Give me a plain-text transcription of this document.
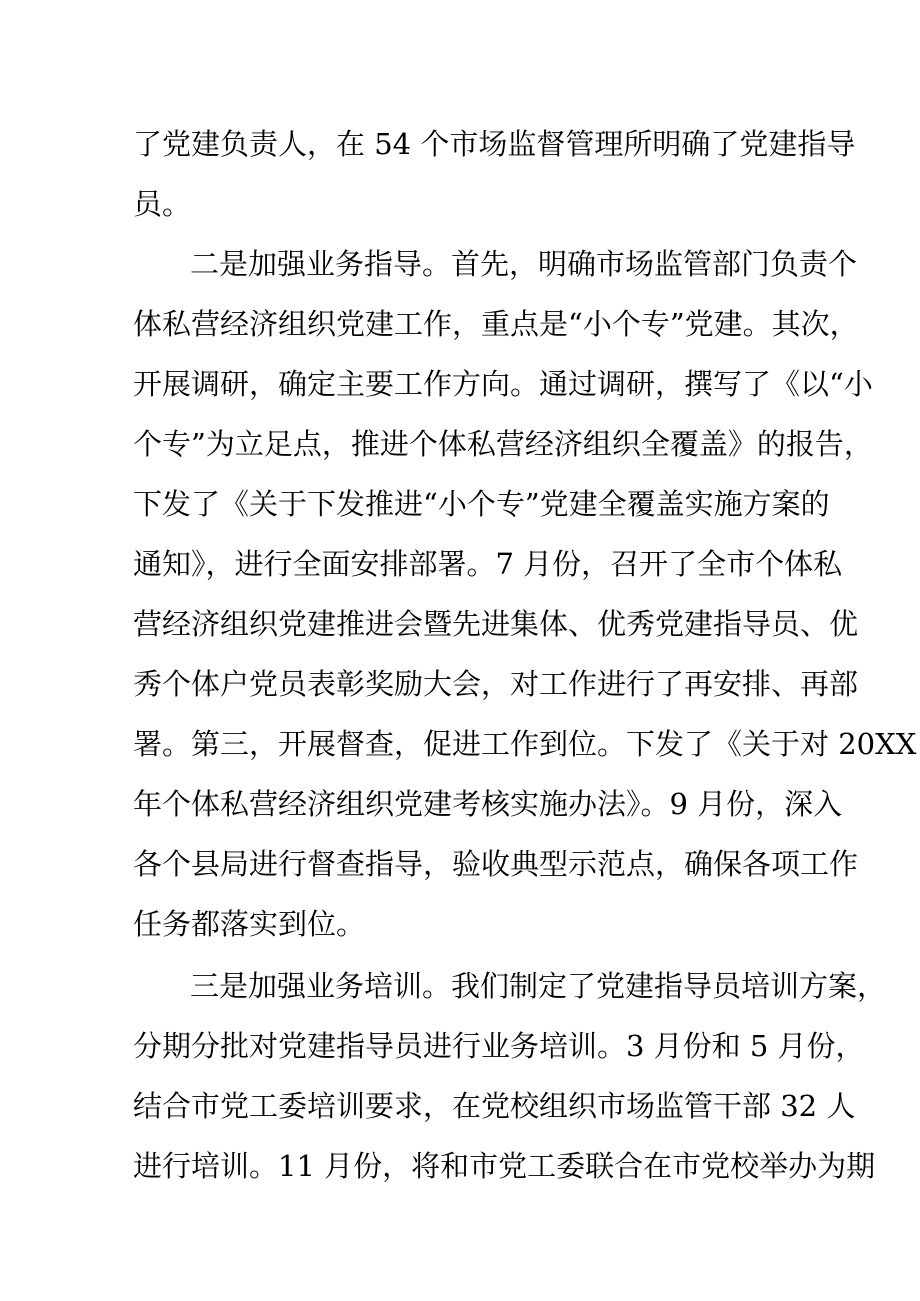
了党建负责人，在 54 个市场监督管理所明确了党建指导
员。
二是加强业务指导。首先，明确市场监管部门负责个
体私营经济组织党建工作，重点是“小个专”党建。其次，
开展调研，确定主要工作方向。通过调研，撰写了《以“小
个专”为立足点，推进个体私营经济组织全覆盖》的报告，
下发了《关于下发推进“小个专”党建全覆盖实施方案的
通知》，进行全面安排部署。7 月份，召开了全市个体私
营经济组织党建推进会暨先进集体、优秀党建指导员、优
秀个体户党员表彰奖励大会，对工作进行了再安排、再部
署。第三，开展督查，促进工作到位。下发了《关于对 20XX
年个体私营经济组织党建考核实施办法》。9 月份，深入
各个县局进行督查指导，验收典型示范点，确保各项工作
任务都落实到位。
三是加强业务培训。我们制定了党建指导员培训方案，
分期分批对党建指导员进行业务培训。3 月份和 5 月份，
结合市党工委培训要求，在党校组织市场监管干部 32 人
进行培训。11 月份，将和市党工委联合在市党校举办为期
